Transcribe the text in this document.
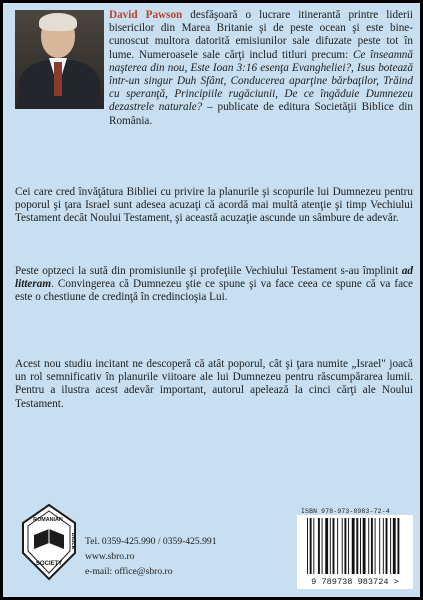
David Pawson desfăşoară o lucrare itinerantă printre liderii bisericilor din Marea Britanie şi de peste ocean şi este bine-cunoscut multora datorită emisiunilor sale difuzate peste tot în lume. Numeroasele sale cărţi includ titluri precum: Ce înseamnă naşterea din nou, Este Ioan 3:16 esenţa Evangheliei?, Isus botează într-un singur Duh Sfânt, Conducerea aparţine bărbaţilor, Trăind cu speranţă, Principiile rugăciunii, De ce îngăduie Dumnezeu dezastrele naturale? – publicate de editura Societăţii Biblice din România.

Cei care cred învăţătura Bibliei cu privire la planurile şi scopurile lui Dumnezeu pentru poporul şi ţara Israel sunt adesea acuzaţi că acordă mai multă atenţie şi timp Vechiului Testament decât Noului Testament, şi această acuzaţie ascunde un sâmbure de adevăr.

Peste optzeci la sută din promisiunile şi profeţiile Vechiului Testament s-au împlinit ad litteram. Convingerea că Dumnezeu ştie ce spune şi va face ceea ce spune că va face este o chestiune de credinţă în credincioşia Lui.

Acest nou studiu incitant ne descoperă că atât poporul, cât şi ţara numite „Israel" joacă un rol semnificativ în planurile viitoare ale lui Dumnezeu pentru răscumpărarea lumii. Pentru a ilustra acest adevăr important, autorul apelează la cinci cărţi ale Noului Testament.

ROMANIAN
BIBLE
SOCIETY
Tel. 0359-425.990 / 0359-425.991
www.sbro.ro
e-mail: office@sbro.ro
ISBN 978-973-8983-72-4
9 789738 983724 >
